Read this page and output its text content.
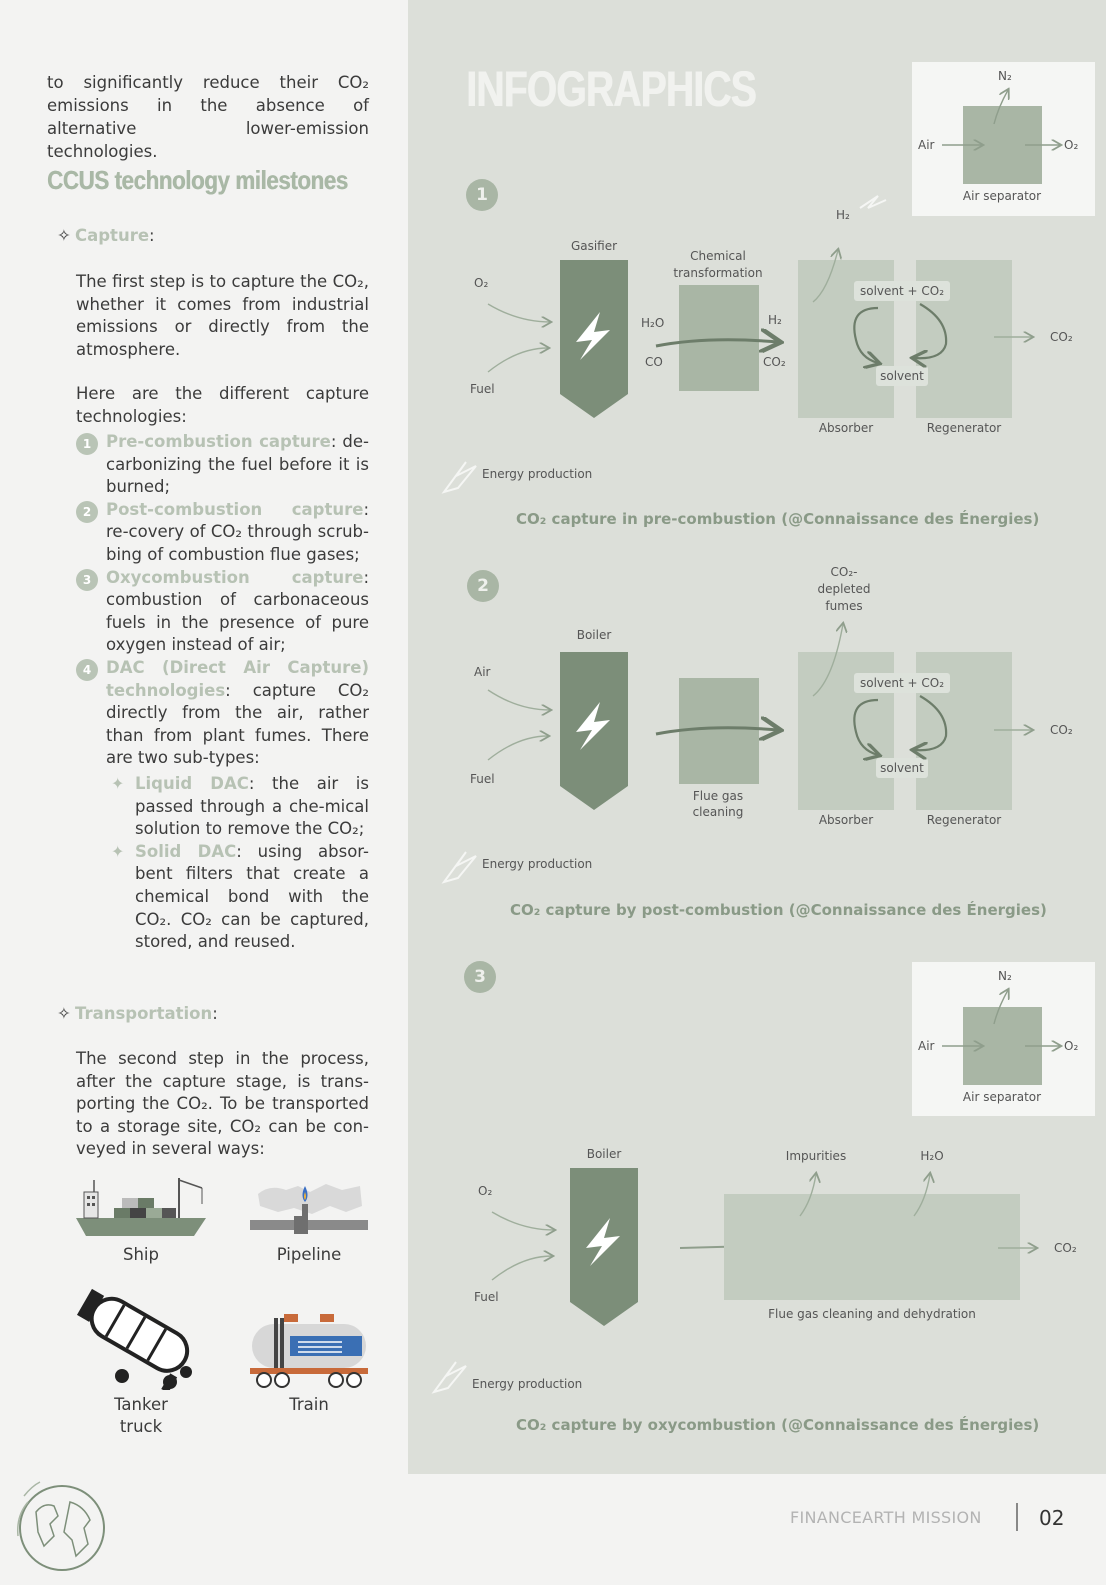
to significantly reduce their CO₂ emissions in the absence of alternative lower-emission technologies.

CCUS technology milestones
✧ Capture:

The first step is to capture the CO₂, whether it comes from industrial emissions or directly from the atmosphere.

Here are the different capture technologies:

1 Pre-combustion capture: de-carbonizing the fuel before it is burned;
2 Post-combustion capture: re-covery of CO₂ through scrub-bing of combustion flue gases;
3 Oxycombustion capture: combustion of carbonaceous fuels in the presence of pure oxygen instead of air;
4 DAC (Direct Air Capture) technologies: capture CO₂ directly from the air, rather than from plant fumes. There are two sub-types:
✦ Liquid DAC: the air is passed through a che-mical solution to remove the CO₂;
✦ Solid DAC: using absor-bent filters that create a chemical bond with the CO₂. CO₂ can be captured, stored, and reused.
✧ Transportation:

The second step in the process, after the capture stage, is trans-porting the CO₂. To be transported to a storage site, CO₂ can be con-veyed in several ways:

Ship	Pipeline
Tanker
truck
Train
INFOGRAPHICS
1
2
3
N₂
Air	O₂
Air separator
Gasifier
O₂
Fuel
Chemical
transformation
H₂O
CO
H₂
CO₂
H₂
solvent + CO₂
solvent
CO₂
Absorber	Regenerator
Energy production
CO₂ capture in pre-combustion (@Connaissance des Énergies)
Boiler
Air
Fuel
Flue gas
cleaning
CO₂-
depleted
fumes
solvent + CO₂
solvent
CO₂
Absorber	Regenerator
Energy production
CO₂ capture by post-combustion (@Connaissance des Énergies)
N₂
Air	O₂
Air separator
Boiler
O₂
Fuel
Impurities	H₂O
CO₂
Flue gas cleaning and dehydration
Energy production
CO₂ capture by oxycombustion (@Connaissance des Énergies)
FINANCEARTH MISSION	02
